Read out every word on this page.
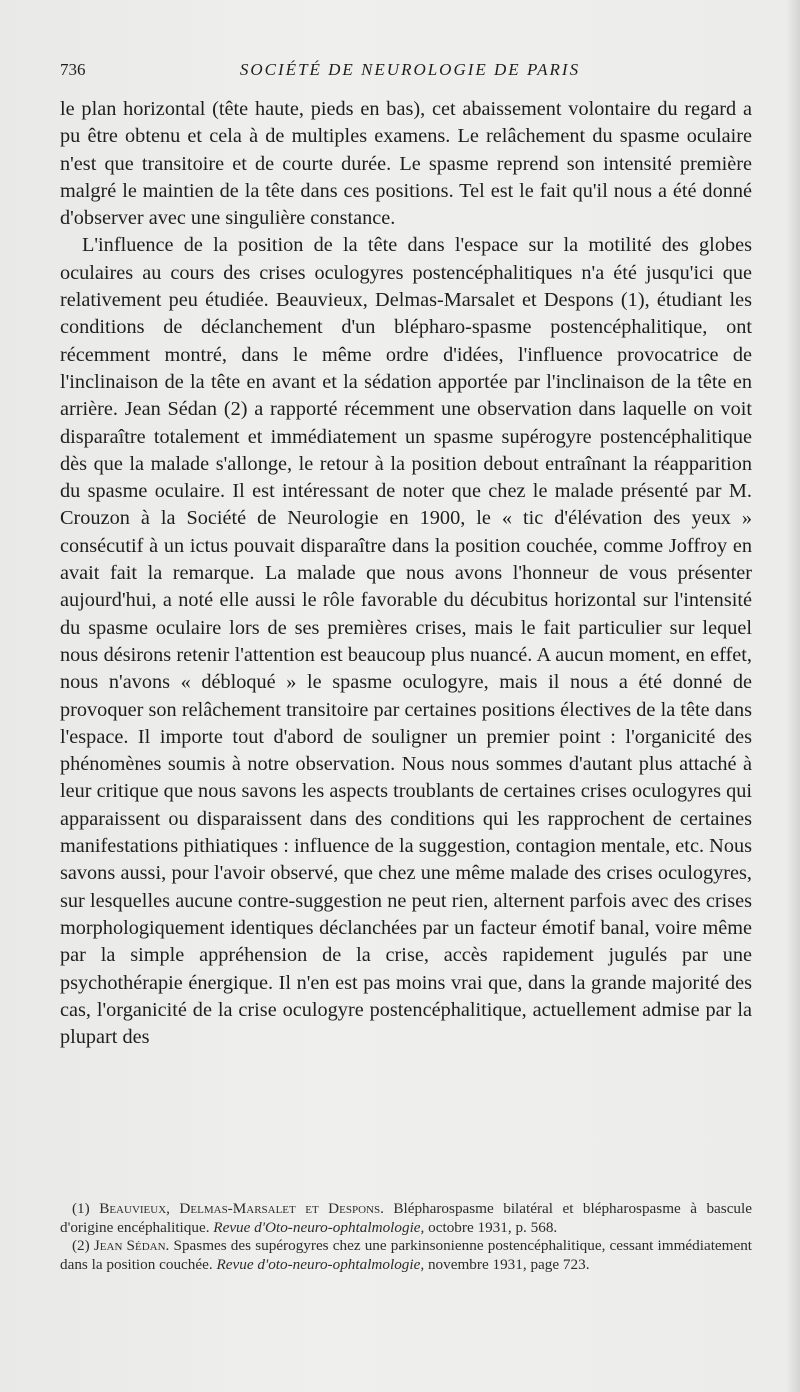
736	SOCIÉTÉ DE NEUROLOGIE DE PARIS

le plan horizontal (tête haute, pieds en bas), cet abaissement volontaire du regard a pu être obtenu et cela à de multiples examens. Le relâchement du spasme oculaire n'est que transitoire et de courte durée. Le spasme reprend son intensité première malgré le maintien de la tête dans ces positions. Tel est le fait qu'il nous a été donné d'observer avec une singulière constance.

L'influence de la position de la tête dans l'espace sur la motilité des globes oculaires au cours des crises oculogyres postencéphalitiques n'a été jusqu'ici que relativement peu étudiée. Beauvieux, Delmas-Marsalet et Despons (1), étudiant les conditions de déclanchement d'un blépharo-spasme postencéphalitique, ont récemment montré, dans le même ordre d'idées, l'influence provocatrice de l'inclinaison de la tête en avant et la sédation apportée par l'inclinaison de la tête en arrière. Jean Sédan (2) a rapporté récemment une observation dans laquelle on voit disparaître totalement et immédiatement un spasme supérogyre postencéphalitique dès que la malade s'allonge, le retour à la position debout entraînant la réapparition du spasme oculaire. Il est intéressant de noter que chez le malade présenté par M. Crouzon à la Société de Neurologie en 1900, le « tic d'élévation des yeux » consécutif à un ictus pouvait disparaître dans la position couchée, comme Joffroy en avait fait la remarque. La malade que nous avons l'honneur de vous présenter aujourd'hui, a noté elle aussi le rôle favorable du décubitus horizontal sur l'intensité du spasme oculaire lors de ses premières crises, mais le fait particulier sur lequel nous désirons retenir l'attention est beaucoup plus nuancé. A aucun moment, en effet, nous n'avons « débloqué » le spasme oculogyre, mais il nous a été donné de provoquer son relâchement transitoire par certaines positions électives de la tête dans l'espace. Il importe tout d'abord de souligner un premier point : l'organicité des phénomènes soumis à notre observation. Nous nous sommes d'autant plus attaché à leur critique que nous savons les aspects troublants de certaines crises oculogyres qui apparaissent ou disparaissent dans des conditions qui les rapprochent de certaines manifestations pithiatiques : influence de la suggestion, contagion mentale, etc. Nous savons aussi, pour l'avoir observé, que chez une même malade des crises oculogyres, sur lesquelles aucune contre-suggestion ne peut rien, alternent parfois avec des crises morphologiquement identiques déclanchées par un facteur émotif banal, voire même par la simple appréhension de la crise, accès rapidement jugulés par une psychothérapie énergique. Il n'en est pas moins vrai que, dans la grande majorité des cas, l'organicité de la crise oculogyre postencéphalitique, actuellement admise par la plupart des

(1) Beauvieux, Delmas-Marsalet et Despons. Blépharospasme bilatéral et blépharospasme à bascule d'origine encéphalitique. Revue d'Oto-neuro-ophtalmologie, octobre 1931, p. 568.

(2) Jean Sédan. Spasmes des supérogyres chez une parkinsonienne postencéphalitique, cessant immédiatement dans la position couchée. Revue d'oto-neuro-ophtalmologie, novembre 1931, page 723.
